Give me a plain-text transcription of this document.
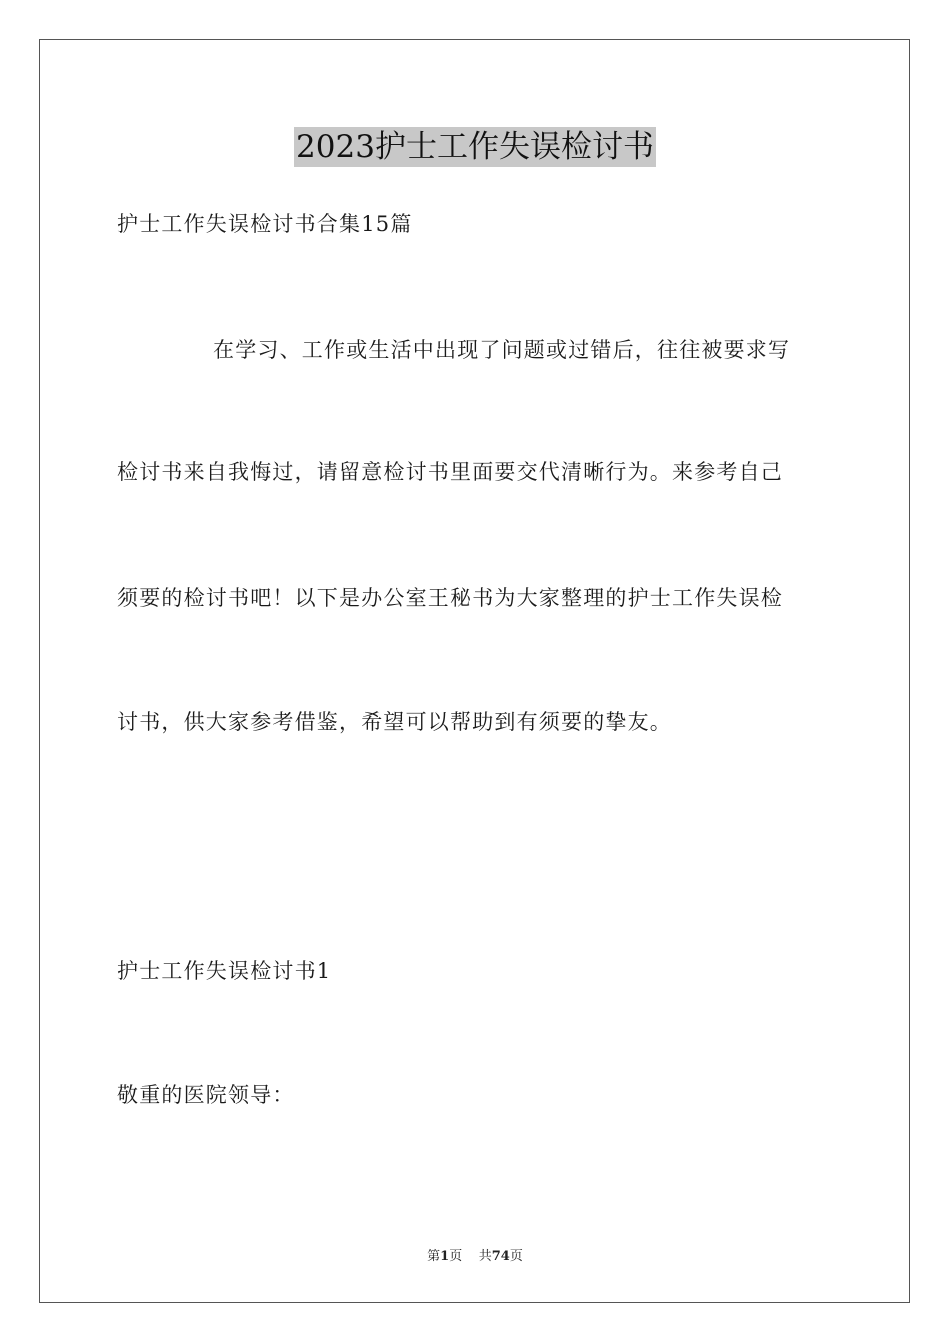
2023护士工作失误检讨书
护士工作失误检讨书合集15篇
在学习、工作或生活中出现了问题或过错后，往往被要求写
检讨书来自我悔过，请留意检讨书里面要交代清晰行为。来参考自己
须要的检讨书吧！以下是办公室王秘书为大家整理的护士工作失误检
讨书，供大家参考借鉴，希望可以帮助到有须要的挚友。
护士工作失误检讨书1
敬重的医院领导：
第1页 共74页
